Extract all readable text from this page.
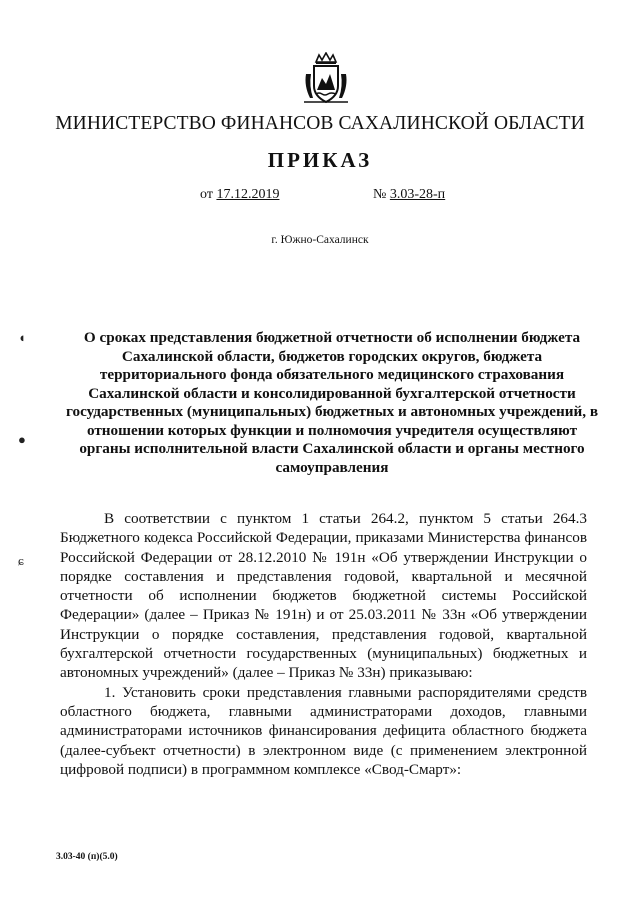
МИНИСТЕРСТВО ФИНАНСОВ САХАЛИНСКОЙ ОБЛАСТИ
ПРИКАЗ
от 17.12.2019	№ 3.03-28-п
г. Южно-Сахалинск
◖
●
ɕ

О сроках представления бюджетной отчетности об исполнении бюджета Сахалинской области, бюджетов городских округов, бюджета территориального фонда обязательного медицинского страхования Сахалинской области и консолидированной бухгалтерской отчетности государственных (муниципальных) бюджетных и автономных учреждений, в отношении которых функции и полномочия учредителя осуществляют органы исполнительной власти Сахалинской области и органы местного самоуправления

В соответствии с пунктом 1 статьи 264.2, пунктом 5 статьи 264.3 Бюджетного кодекса Российской Федерации, приказами Министерства финансов Российской Федерации от 28.12.2010 № 191н «Об утверждении Инструкции о порядке составления и представления годовой, квартальной и месячной отчетности об исполнении бюджетов бюджетной системы Российской Федерации» (далее – Приказ № 191н) и от 25.03.2011 № 33н «Об утверждении Инструкции о порядке составления, представления годовой, квартальной бухгалтерской отчетности государственных (муниципальных) бюджетных и автономных учреждений» (далее – Приказ № 33н) приказываю:

1. Установить сроки представления главными распорядителями средств областного бюджета, главными администраторами доходов, главными администраторами источников финансирования дефицита областного бюджета (далее-субъект отчетности) в электронном виде (с применением электронной цифровой подписи) в программном комплексе «Свод-Смарт»:

3.03-40 (п)(5.0)
